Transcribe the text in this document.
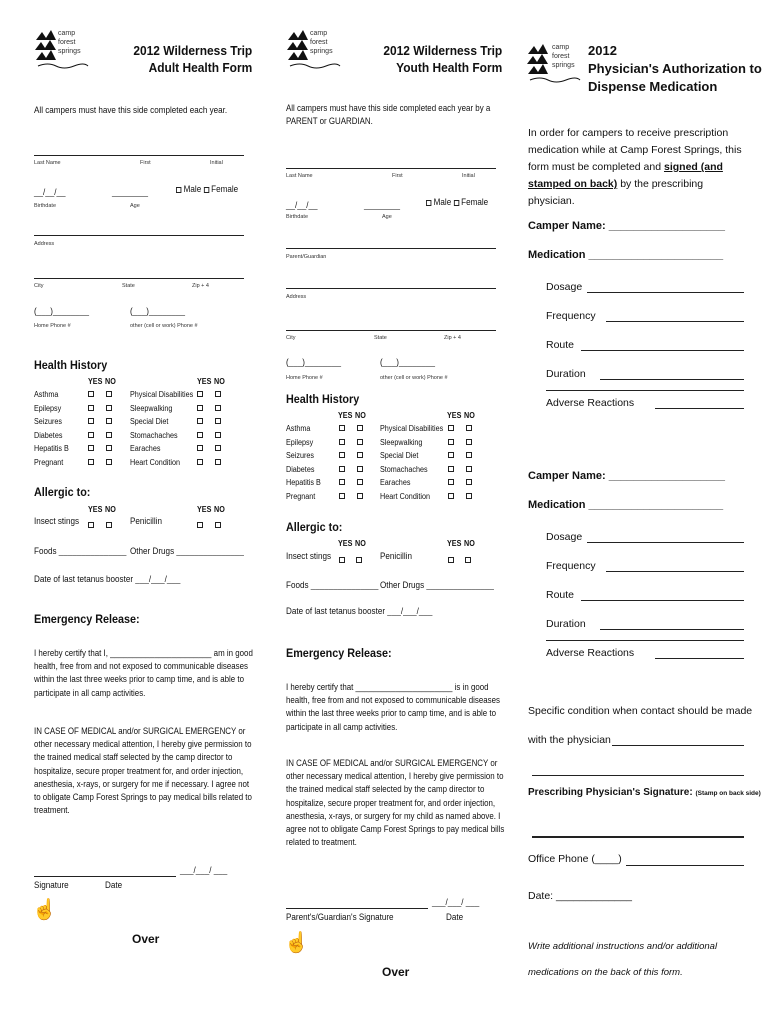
camp
forest
springs	2012 Wilderness Trip
Adult Health Form
All campers must have this side completed each year.
Last Name	First	Initial
__/__/__	________	Male Female
Birthdate	Age
Address
City	State	Zip + 4
(___)________	(___)________
Home Phone #	other (cell or work) Phone #
Health History
YES NO	YES NO
Asthma	Physical Disabilities
Epilepsy	Sleepwalking
Seizures	Special Diet
Diabetes	Stomachaches
Hepatitis B	Earaches
Pregnant	Heart Condition
Allergic to:
YES NO	YES NO
Insect stings	Penicillin
Foods _______________ Other Drugs _______________
Date of last tetanus booster ___/___/___
Emergency Release:
I hereby certify that I, _______________________ am in good health, free from and not exposed to communicable diseases within the last three weeks prior to camp time, and is able to participate in all camp activities.
IN CASE OF MEDICAL and/or SURGICAL EMERGENCY or other necessary medical attention, I hereby give permission to the trained medical staff selected by the camp director to hospitalize, secure proper treatment for, and order injection, anesthesia, x-rays, or surgery for me if necessary. I agree not to obligate Camp Forest Springs to pay medical bills related to treatment.
___/___/ ___
Signature	Date
☝
Over
camp
forest
springs	2012 Wilderness Trip
Youth Health Form
All campers must have this side completed each year by a PARENT or GUARDIAN.
Last Name	First	Initial
__/__/__	________	Male Female
Birthdate	Age
Parent/Guardian
Address
City	State	Zip + 4
(___)________	(___)________
Home Phone #	other (cell or work) Phone #
Health History
YES NO	YES NO
Asthma	Physical Disabilities
Epilepsy	Sleepwalking
Seizures	Special Diet
Diabetes	Stomachaches
Hepatitis B	Earaches
Pregnant	Heart Condition
Allergic to:
YES NO	YES NO
Insect stings	Penicillin
Foods _______________ Other Drugs _______________
Date of last tetanus booster ___/___/___
Emergency Release:
I hereby certify that ______________________ is in good health, free from and not exposed to communicable diseases within the last three weeks prior to camp time, and is able to participate in all camp activities.
IN CASE OF MEDICAL and/or SURGICAL EMERGENCY or other necessary medical attention, I hereby give permission to the trained medical staff selected by the camp director to hospitalize, secure proper treatment for, and order injection, anesthesia, x-rays, or surgery for my child as named above. I agree not to obligate Camp Forest Springs to pay medical bills related to treatment.
___/___/ ___
Parent's/Guardian's Signature	Date
☝
Over
camp
forest
springs
2012
Physician's Authorization to
Dispense Medication
In order for campers to receive prescription medication while at Camp Forest Springs, this form must be completed and signed (and stamped on back) by the prescribing physician.
Camper Name: ___________________
Medication ______________________
Dosage
Frequency
Route
Duration
Adverse Reactions
Camper Name: ___________________
Medication ______________________
Dosage
Frequency
Route
Duration
Adverse Reactions
Specific condition when contact should be made
with the physician
Prescribing Physician's Signature: (Stamp on back side)
Office Phone (____)
Date: _____________
Write additional instructions and/or additional medications on the back of this form.
